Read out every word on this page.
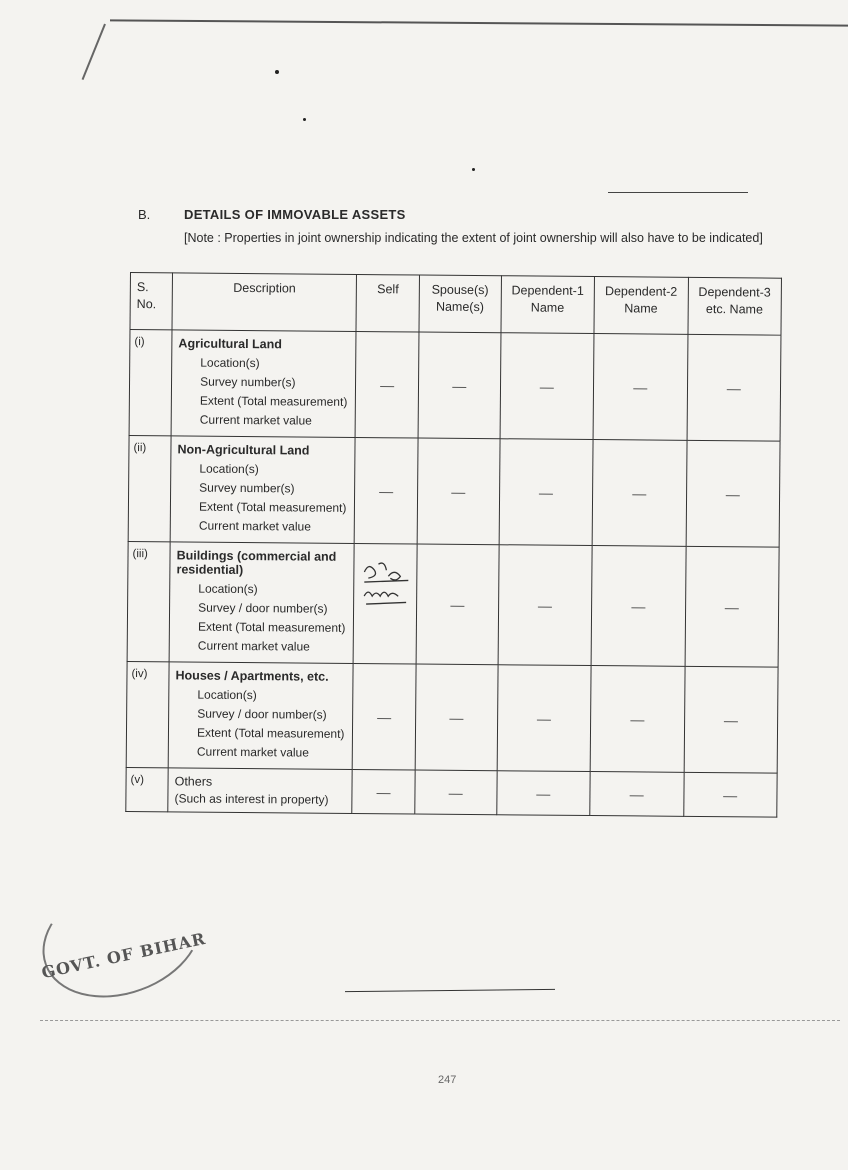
B.	DETAILS OF IMMOVABLE ASSETS
[Note : Properties in joint ownership indicating the extent of joint ownership will also have to be indicated]
S. No.	Description	Self	Spouse(s) Name(s)	Dependent-1 Name	Dependent-2 Name	Dependent-3 etc. Name
(i)	Agricultural Land
Location(s)
Survey number(s)
Extent (Total measurement)
Current market value	—	—	—	—	—
(ii)	Non-Agricultural Land
Location(s)
Survey number(s)
Extent (Total measurement)
Current market value	—	—	—	—	—
(iii)	Buildings (commercial and residential)
Location(s)
Survey / door number(s)
Extent (Total measurement)
Current market value		—	—	—	—
(iv)	Houses / Apartments, etc.
Location(s)
Survey / door number(s)
Extent (Total measurement)
Current market value	—	—	—	—	—
(v)	Others
(Such as interest in property)	—	—	—	—	—
GOVT. OF BIHAR
247
